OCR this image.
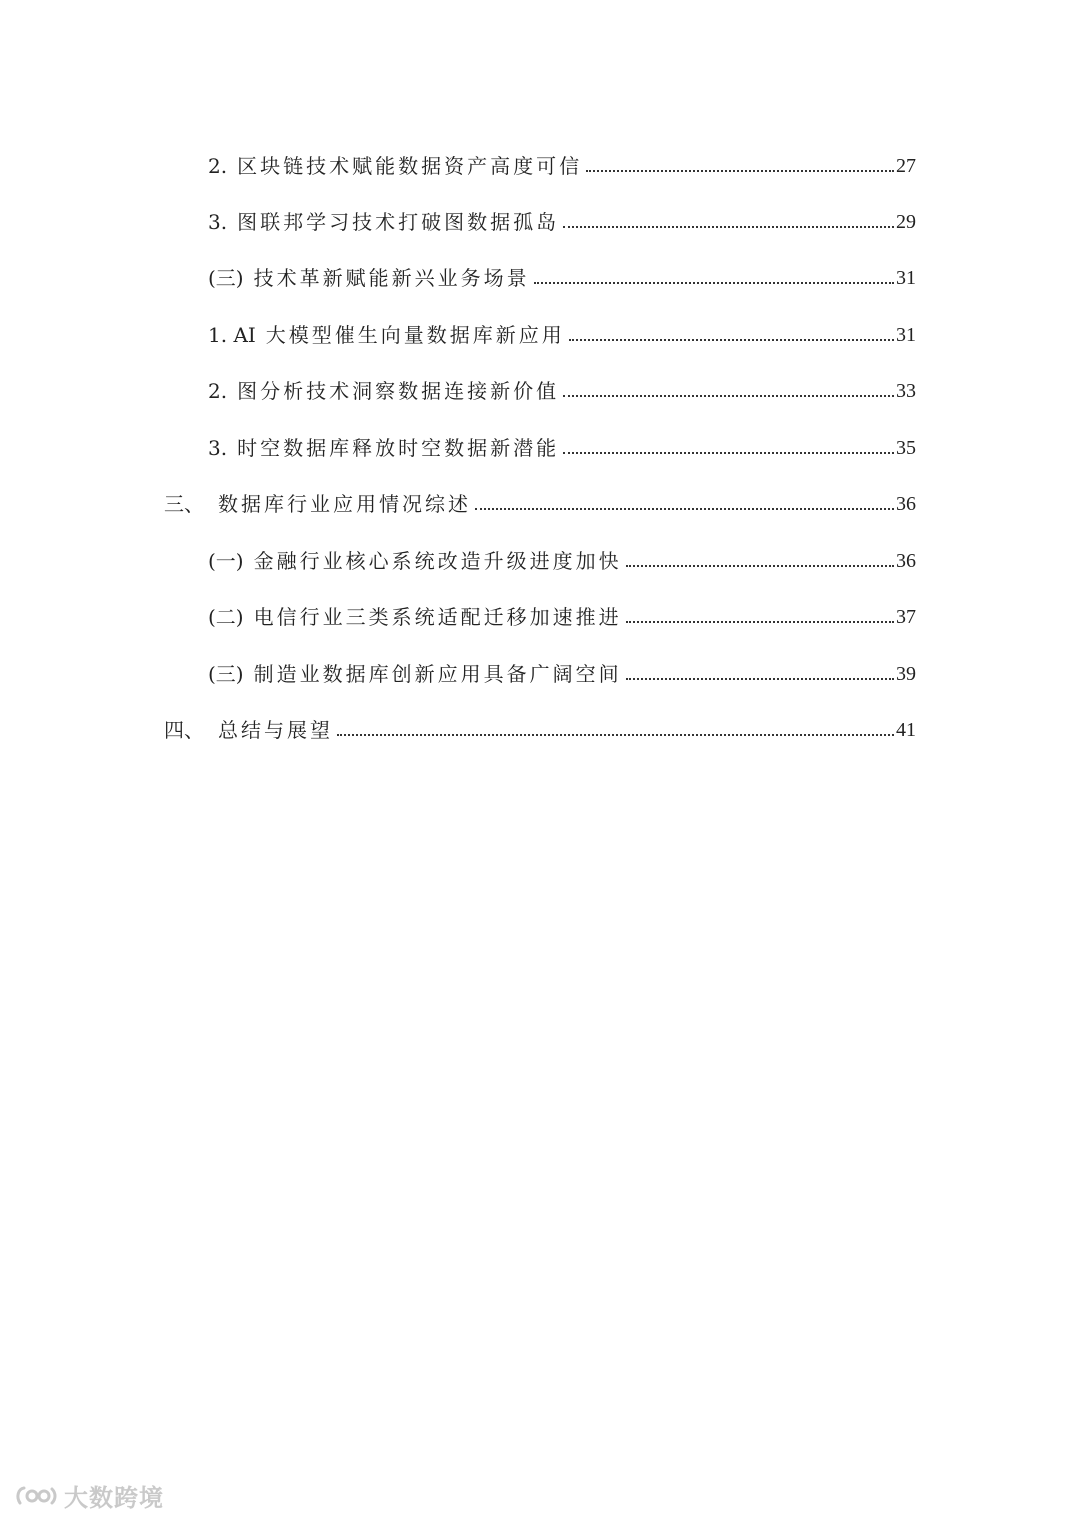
2. 区块链技术赋能数据资产高度可信	27
3. 图联邦学习技术打破图数据孤岛	29
(三) 技术革新赋能新兴业务场景	31
1. AI 大模型催生向量数据库新应用	31
2. 图分析技术洞察数据连接新价值	33
3. 时空数据库释放时空数据新潜能	35
三、 数据库行业应用情况综述	36
(一) 金融行业核心系统改造升级进度加快	36
(二) 电信行业三类系统适配迁移加速推进	37
(三) 制造业数据库创新应用具备广阔空间	39
四、 总结与展望	41
大数跨境
